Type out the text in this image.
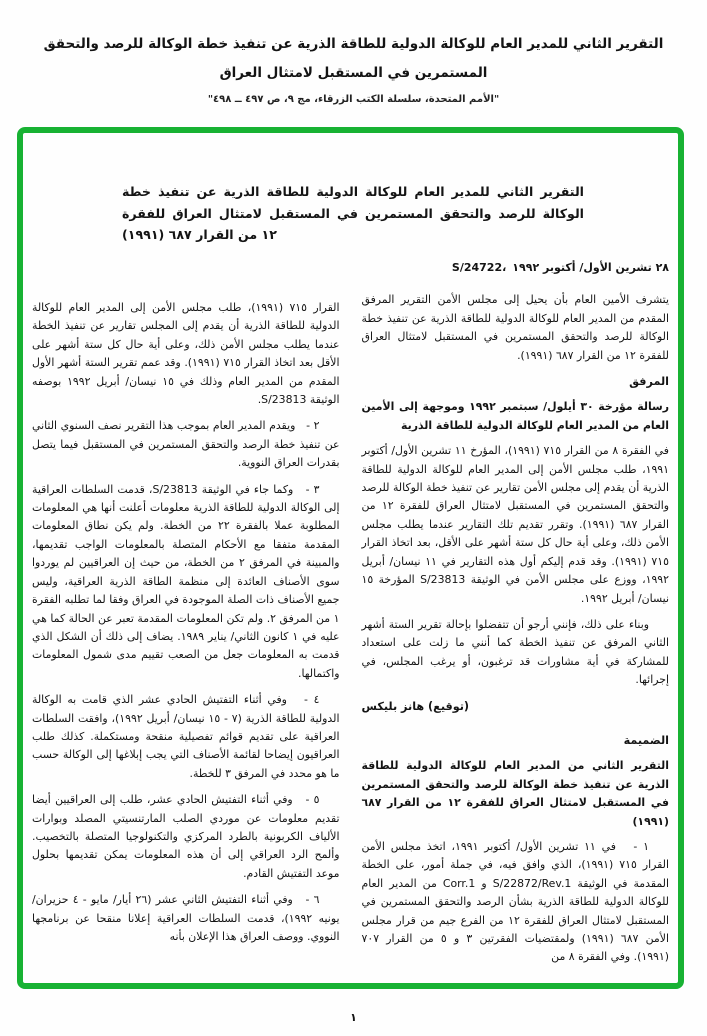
التقرير الثاني للمدير العام للوكالة الدولية للطاقة الذرية عن تنفيذ خطة الوكالة للرصد والتحقق
المستمرين في المستقبل لامتثال العراق
"الأمم المتحدة، سلسلة الكتب الزرقاء، مج ٩، ص ٤٩٧ ــ ٤٩٨"
التقرير الثاني للمدير العام للوكالة الدولية للطاقة الذرية عن تنفيذ خطة
الوكالة للرصد والتحقق المستمرين في المستقبل لامتثال العراق للفقرة
١٢ من القرار ٦٨٧ (١٩٩١)
S/24722، ٢٨ تشرين الأول/ أكتوبر ١٩٩٢
يتشرف الأمين العام بأن يحيل إلى مجلس الأمن التقرير المرفق المقدم من المدير العام للوكالة الدولية للطاقة الذرية عن تنفيذ خطة الوكالة للرصد والتحقق المستمرين في المستقبل لامتثال العراق للفقرة ١٢ من القرار ٦٨٧ (١٩٩١).
المرفق
رسالة مؤرخة ٣٠ أيلول/ سبتمبر ١٩٩٢ وموجهة إلى الأمين العام من المدير العام للوكالة الدولية للطاقة الذرية
في الفقرة ٨ من القرار ٧١٥ (١٩٩١)، المؤرخ ١١ تشرين الأول/ أكتوبر ١٩٩١، طلب مجلس الأمن إلى المدير العام للوكالة الدولية للطاقة الذرية أن يقدم إلى مجلس الأمن تقارير عن تنفيذ خطة الوكالة للرصد والتحقق المستمرين في المستقبل لامتثال العراق للفقرة ١٢ من القرار ٦٨٧ (١٩٩١). وتقرر تقديم تلك التقارير عندما يطلب مجلس الأمن ذلك، وعلى أية حال كل ستة أشهر على الأقل، بعد اتخاذ القرار ٧١٥ (١٩٩١). وقد قدم إليكم أول هذه التقارير في ١١ نيسان/ أبريل ١٩٩٢، ووزع على مجلس الأمن في الوثيقة S/23813 المؤرخة ١٥ نيسان/ أبريل ١٩٩٢.
وبناء على ذلك، فإنني أرجو أن تتفضلوا بإحالة تقرير الستة أشهر الثاني المرفق عن تنفيذ الخطة كما أنني ما زلت على استعداد للمشاركة في أية مشاورات قد ترغبون، أو يرغب المجلس، في إجرائها.
(توقيع) هانز بليكس
الضميمة
التقرير الثاني من المدير العام للوكالة الدولية للطاقة الذرية عن تنفيذ خطة الوكالة للرصد والتحقق المستمرين في المستقبل لامتثال العراق للفقرة ١٢ من القرار ٦٨٧ (١٩٩١)
١ -   في ١١ تشرين الأول/ أكتوبر ١٩٩١، اتخذ مجلس الأمن القرار ٧١٥ (١٩٩١)، الذي وافق فيه، في جملة أمور، على الخطة المقدمة في الوثيقة S/22872/Rev.1 و Corr.1 من المدير العام للوكالة الدولية للطاقة الذرية بشأن الرصد والتحقق المستمرين في المستقبل لامتثال العراق للفقرة ١٢ من الفرع جيم من قرار مجلس الأمن ٦٨٧ (١٩٩١) ولمقتضيات الفقرتين ٣ و ٥ من القرار ٧٠٧ (١٩٩١). وفي الفقرة ٨ من
القرار ٧١٥ (١٩٩١)، طلب مجلس الأمن إلى المدير العام للوكالة الدولية للطاقة الذرية أن يقدم إلى المجلس تقارير عن تنفيذ الخطة عندما يطلب مجلس الأمن ذلك، وعلى أية حال كل ستة أشهر على الأقل بعد اتخاذ القرار ٧١٥ (١٩٩١). وقد عمم تقرير الستة أشهر الأول المقدم من المدير العام وذلك في ١٥ نيسان/ أبريل ١٩٩٢ بوصفه الوثيقة S/23813.
٢ -   ويقدم المدير العام بموجب هذا التقرير نصف السنوي الثاني عن تنفيذ خطة الرصد والتحقق المستمرين في المستقبل فيما يتصل بقدرات العراق النووية.
٣ -   وكما جاء في الوثيقة S/23813، قدمت السلطات العراقية إلى الوكالة الدولية للطاقة الذرية معلومات أعلنت أنها هي المعلومات المطلوبة عملا بالفقرة ٢٢ من الخطة. ولم يكن نطاق المعلومات المقدمة متفقا مع الأحكام المتصلة بالمعلومات الواجب تقديمها، والمبينة في المرفق ٢ من الخطة، من حيث إن العراقيين لم يوردوا سوى الأصناف العائدة إلى منظمة الطاقة الذرية العراقية، وليس جميع الأصناف ذات الصلة الموجودة في العراق وفقا لما تطلبه الفقرة ١ من المرفق ٢. ولم تكن المعلومات المقدمة تعبر عن الحالة كما هي عليه في ١ كانون الثاني/ يناير ١٩٨٩. يضاف إلى ذلك أن الشكل الذي قدمت به المعلومات جعل من الصعب تقييم مدى شمول المعلومات واكتمالها.
٤ -   وفي أثناء التفتيش الحادي عشر الذي قامت به الوكالة الدولية للطاقة الذرية (٧ - ١٥ نيسان/ أبريل ١٩٩٢)، وافقت السلطات العراقية على تقديم قوائم تفصيلية منقحة ومستكملة. كذلك طلب العراقيون إيضاحا لقائمة الأصناف التي يجب إبلاغها إلى الوكالة حسب ما هو محدد في المرفق ٣ للخطة.
٥ -   وفي أثناء التفتيش الحادي عشر، طلب إلى العراقيين أيضا تقديم معلومات عن موردي الصلب المارتنسيتي المصلد وبوارات الألياف الكربونية بالطرد المركزي والتكنولوجيا المتصلة بالتخصيب. وألمح الرد العراقي إلى أن هذه المعلومات يمكن تقديمها بحلول موعد التفتيش القادم.
٦ -   وفي أثناء التفتيش الثاني عشر (٢٦ أيار/ مايو - ٤ حزيران/ يونيه ١٩٩٢)، قدمت السلطات العراقية إعلانا منقحا عن برنامجها النووي. ووصف العراق هذا الإعلان بأنه
١
